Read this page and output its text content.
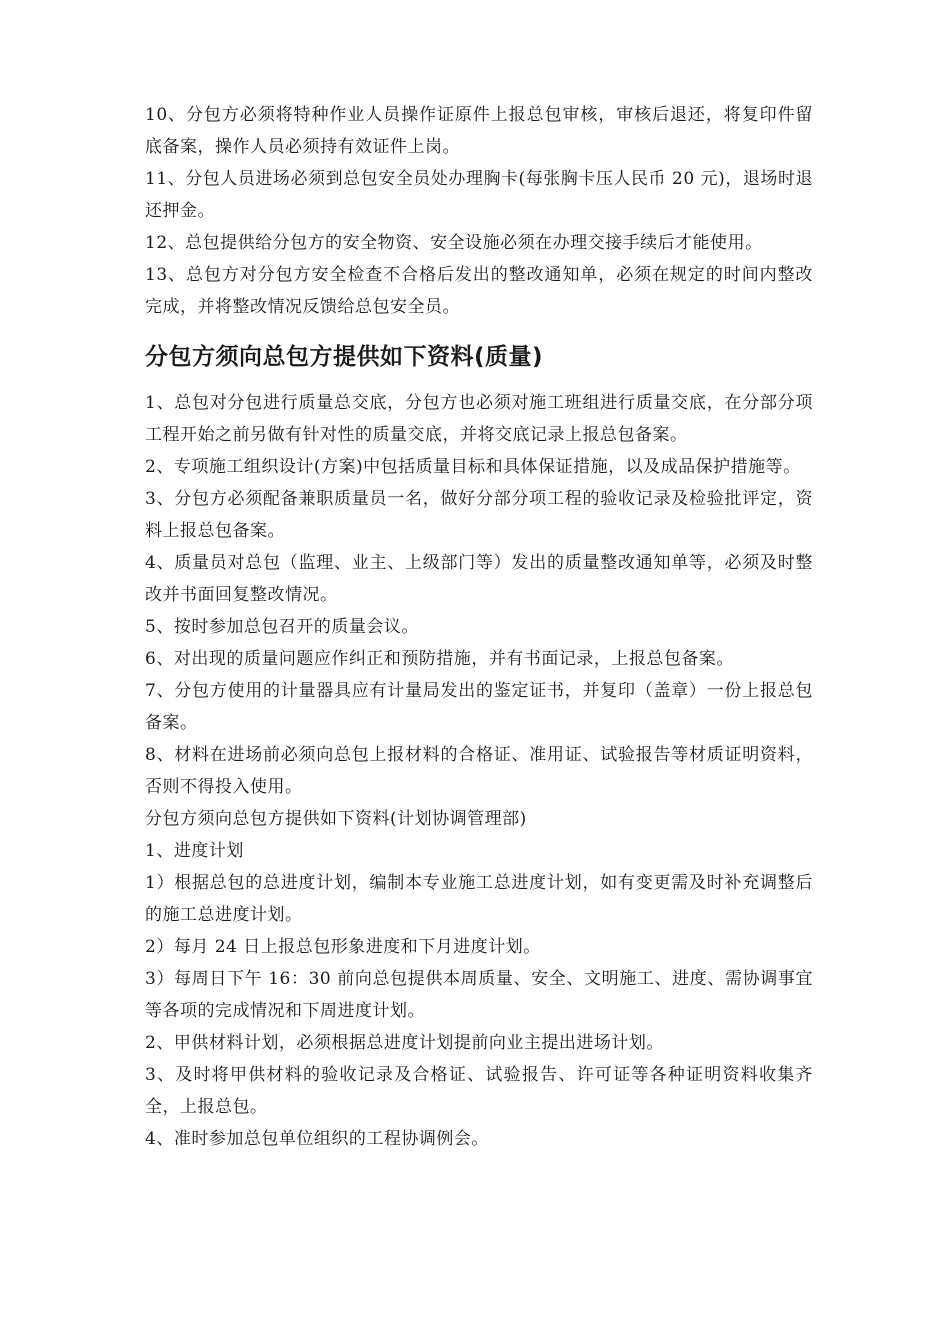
10、分包方必须将特种作业人员操作证原件上报总包审核，审核后退还，将复印件留底备案，操作人员必须持有效证件上岗。

11、分包人员进场必须到总包安全员处办理胸卡(每张胸卡压人民币 20 元)，退场时退还押金。

12、总包提供给分包方的安全物资、安全设施必须在办理交接手续后才能使用。

13、总包方对分包方安全检查不合格后发出的整改通知单，必须在规定的时间内整改完成，并将整改情况反馈给总包安全员。

分包方须向总包方提供如下资料(质量)

1、总包对分包进行质量总交底，分包方也必须对施工班组进行质量交底，在分部分项工程开始之前另做有针对性的质量交底，并将交底记录上报总包备案。

2、专项施工组织设计(方案)中包括质量目标和具体保证措施，以及成品保护措施等。

3、分包方必须配备兼职质量员一名，做好分部分项工程的验收记录及检验批评定，资料上报总包备案。

4、质量员对总包（监理、业主、上级部门等）发出的质量整改通知单等，必须及时整改并书面回复整改情况。

5、按时参加总包召开的质量会议。

6、对出现的质量问题应作纠正和预防措施，并有书面记录，上报总包备案。

7、分包方使用的计量器具应有计量局发出的鉴定证书，并复印（盖章）一份上报总包备案。

8、材料在进场前必须向总包上报材料的合格证、准用证、试验报告等材质证明资料，否则不得投入使用。

分包方须向总包方提供如下资料(计划协调管理部)

1、进度计划

1）根据总包的总进度计划，编制本专业施工总进度计划，如有变更需及时补充调整后的施工总进度计划。

2）每月 24 日上报总包形象进度和下月进度计划。

3）每周日下午 16：30 前向总包提供本周质量、安全、文明施工、进度、需协调事宜等各项的完成情况和下周进度计划。

2、甲供材料计划，必须根据总进度计划提前向业主提出进场计划。

3、及时将甲供材料的验收记录及合格证、试验报告、许可证等各种证明资料收集齐全，上报总包。

4、准时参加总包单位组织的工程协调例会。
